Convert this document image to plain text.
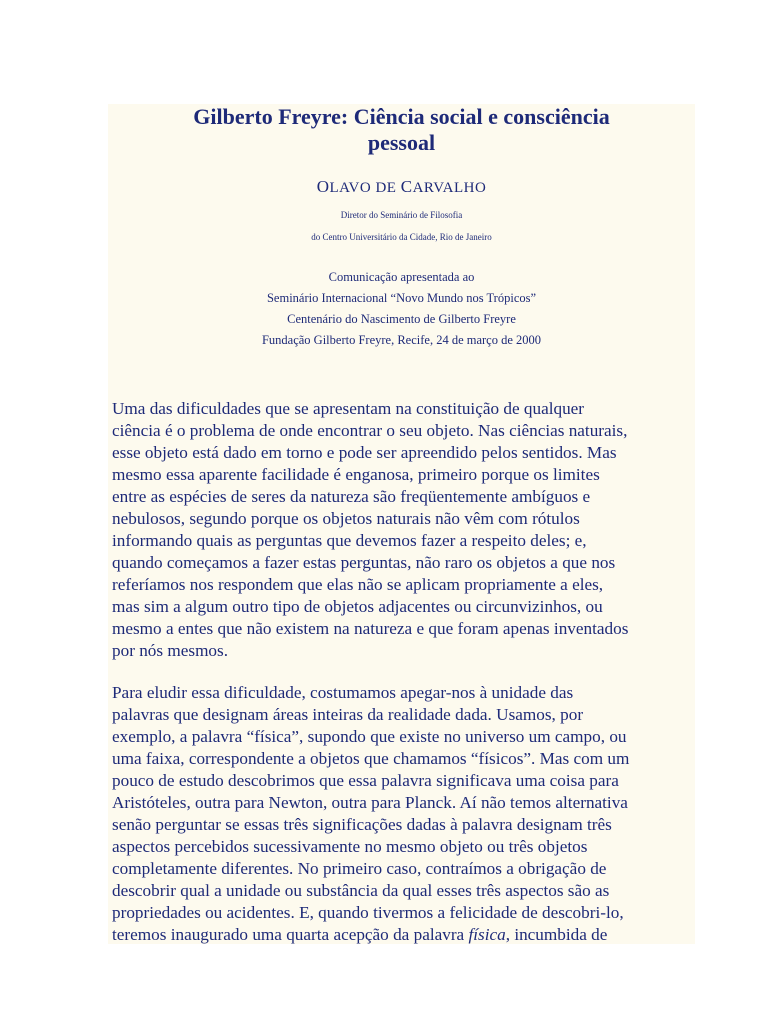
Gilberto Freyre: Ciência social e consciência
pessoal
OLAVO DE CARVALHO
Diretor do Seminário de Filosofia
do Centro Universitário da Cidade, Rio de Janeiro
Comunicação apresentada ao
Seminário Internacional “Novo Mundo nos Trópicos”
Centenário do Nascimento de Gilberto Freyre
Fundação Gilberto Freyre, Recife, 24 de março de 2000

Uma das dificuldades que se apresentam na constituição de qualquer
ciência é o problema de onde encontrar o seu objeto. Nas ciências naturais,
esse objeto está dado em torno e pode ser apreendido pelos sentidos. Mas
mesmo essa aparente facilidade é enganosa, primeiro porque os limites
entre as espécies de seres da natureza são freqüentemente ambíguos e
nebulosos, segundo porque os objetos naturais não vêm com rótulos
informando quais as perguntas que devemos fazer a respeito deles; e,
quando começamos a fazer estas perguntas, não raro os objetos a que nos
referíamos nos respondem que elas não se aplicam propriamente a eles,
mas sim a algum outro tipo de objetos adjacentes ou circunvizinhos, ou
mesmo a entes que não existem na natureza e que foram apenas inventados
por nós mesmos.

Para eludir essa dificuldade, costumamos apegar-nos à unidade das
palavras que designam áreas inteiras da realidade dada. Usamos, por
exemplo, a palavra “física”, supondo que existe no universo um campo, ou
uma faixa, correspondente a objetos que chamamos “físicos”. Mas com um
pouco de estudo descobrimos que essa palavra significava uma coisa para
Aristóteles, outra para Newton, outra para Planck. Aí não temos alternativa
senão perguntar se essas três significações dadas à palavra designam três
aspectos percebidos sucessivamente no mesmo objeto ou três objetos
completamente diferentes. No primeiro caso, contraímos a obrigação de
descobrir qual a unidade ou substância da qual esses três aspectos são as
propriedades ou acidentes. E, quando tivermos a felicidade de descobri-lo,
teremos inaugurado uma quarta acepção da palavra física, incumbida de
